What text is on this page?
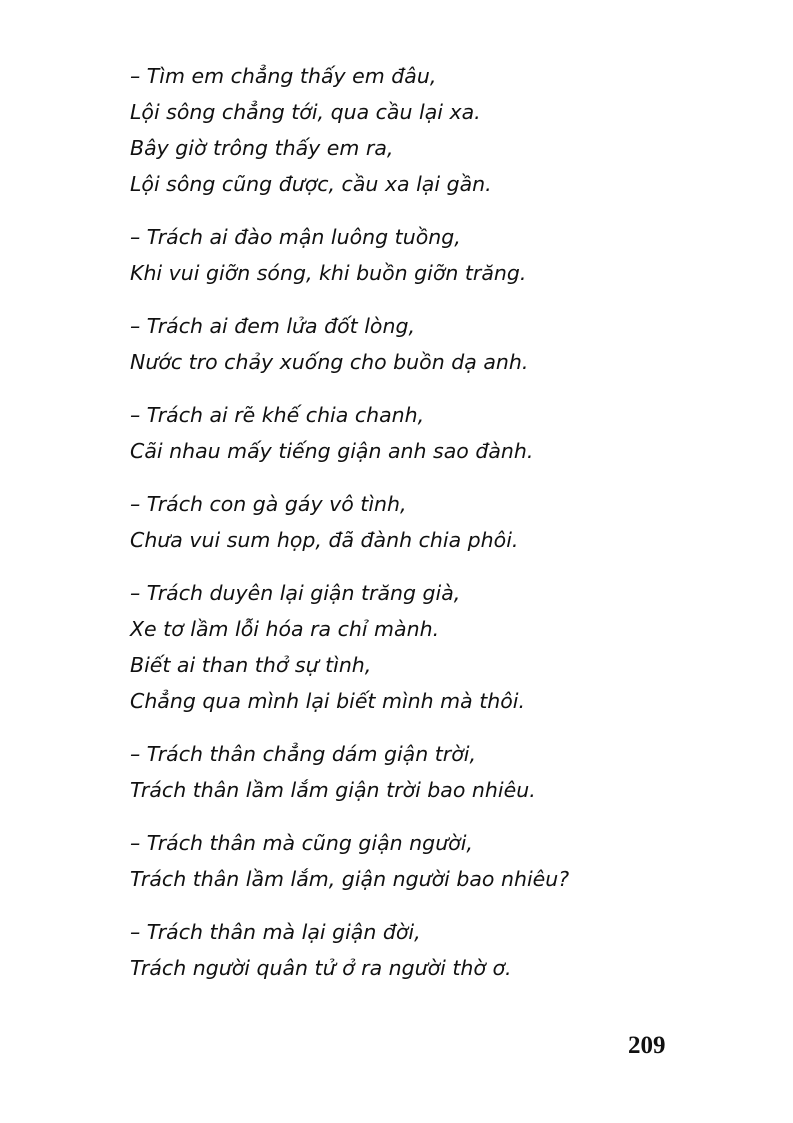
– Tìm em chẳng thấy em đâu,
Lội sông chẳng tới, qua cầu lại xa.
Bây giờ trông thấy em ra,
Lội sông cũng được, cầu xa lại gần.
– Trách ai đào mận luông tuồng,
Khi vui giỡn sóng, khi buồn giỡn trăng.
– Trách ai đem lửa đốt lòng,
Nước tro chảy xuống cho buồn dạ anh.
– Trách ai rẽ khế chia chanh,
Cãi nhau mấy tiếng giận anh sao đành.
– Trách con gà gáy vô tình,
Chưa vui sum họp, đã đành chia phôi.
– Trách duyên lại giận trăng già,
Xe tơ lầm lỗi hóa ra chỉ mành.
Biết ai than thở sự tình,
Chẳng qua mình lại biết mình mà thôi.
– Trách thân chẳng dám giận trời,
Trách thân lầm lắm giận trời bao nhiêu.
– Trách thân mà cũng giận người,
Trách thân lầm lắm, giận người bao nhiêu?
– Trách thân mà lại giận đời,
Trách người quân tử ở ra người thờ ơ.
209
